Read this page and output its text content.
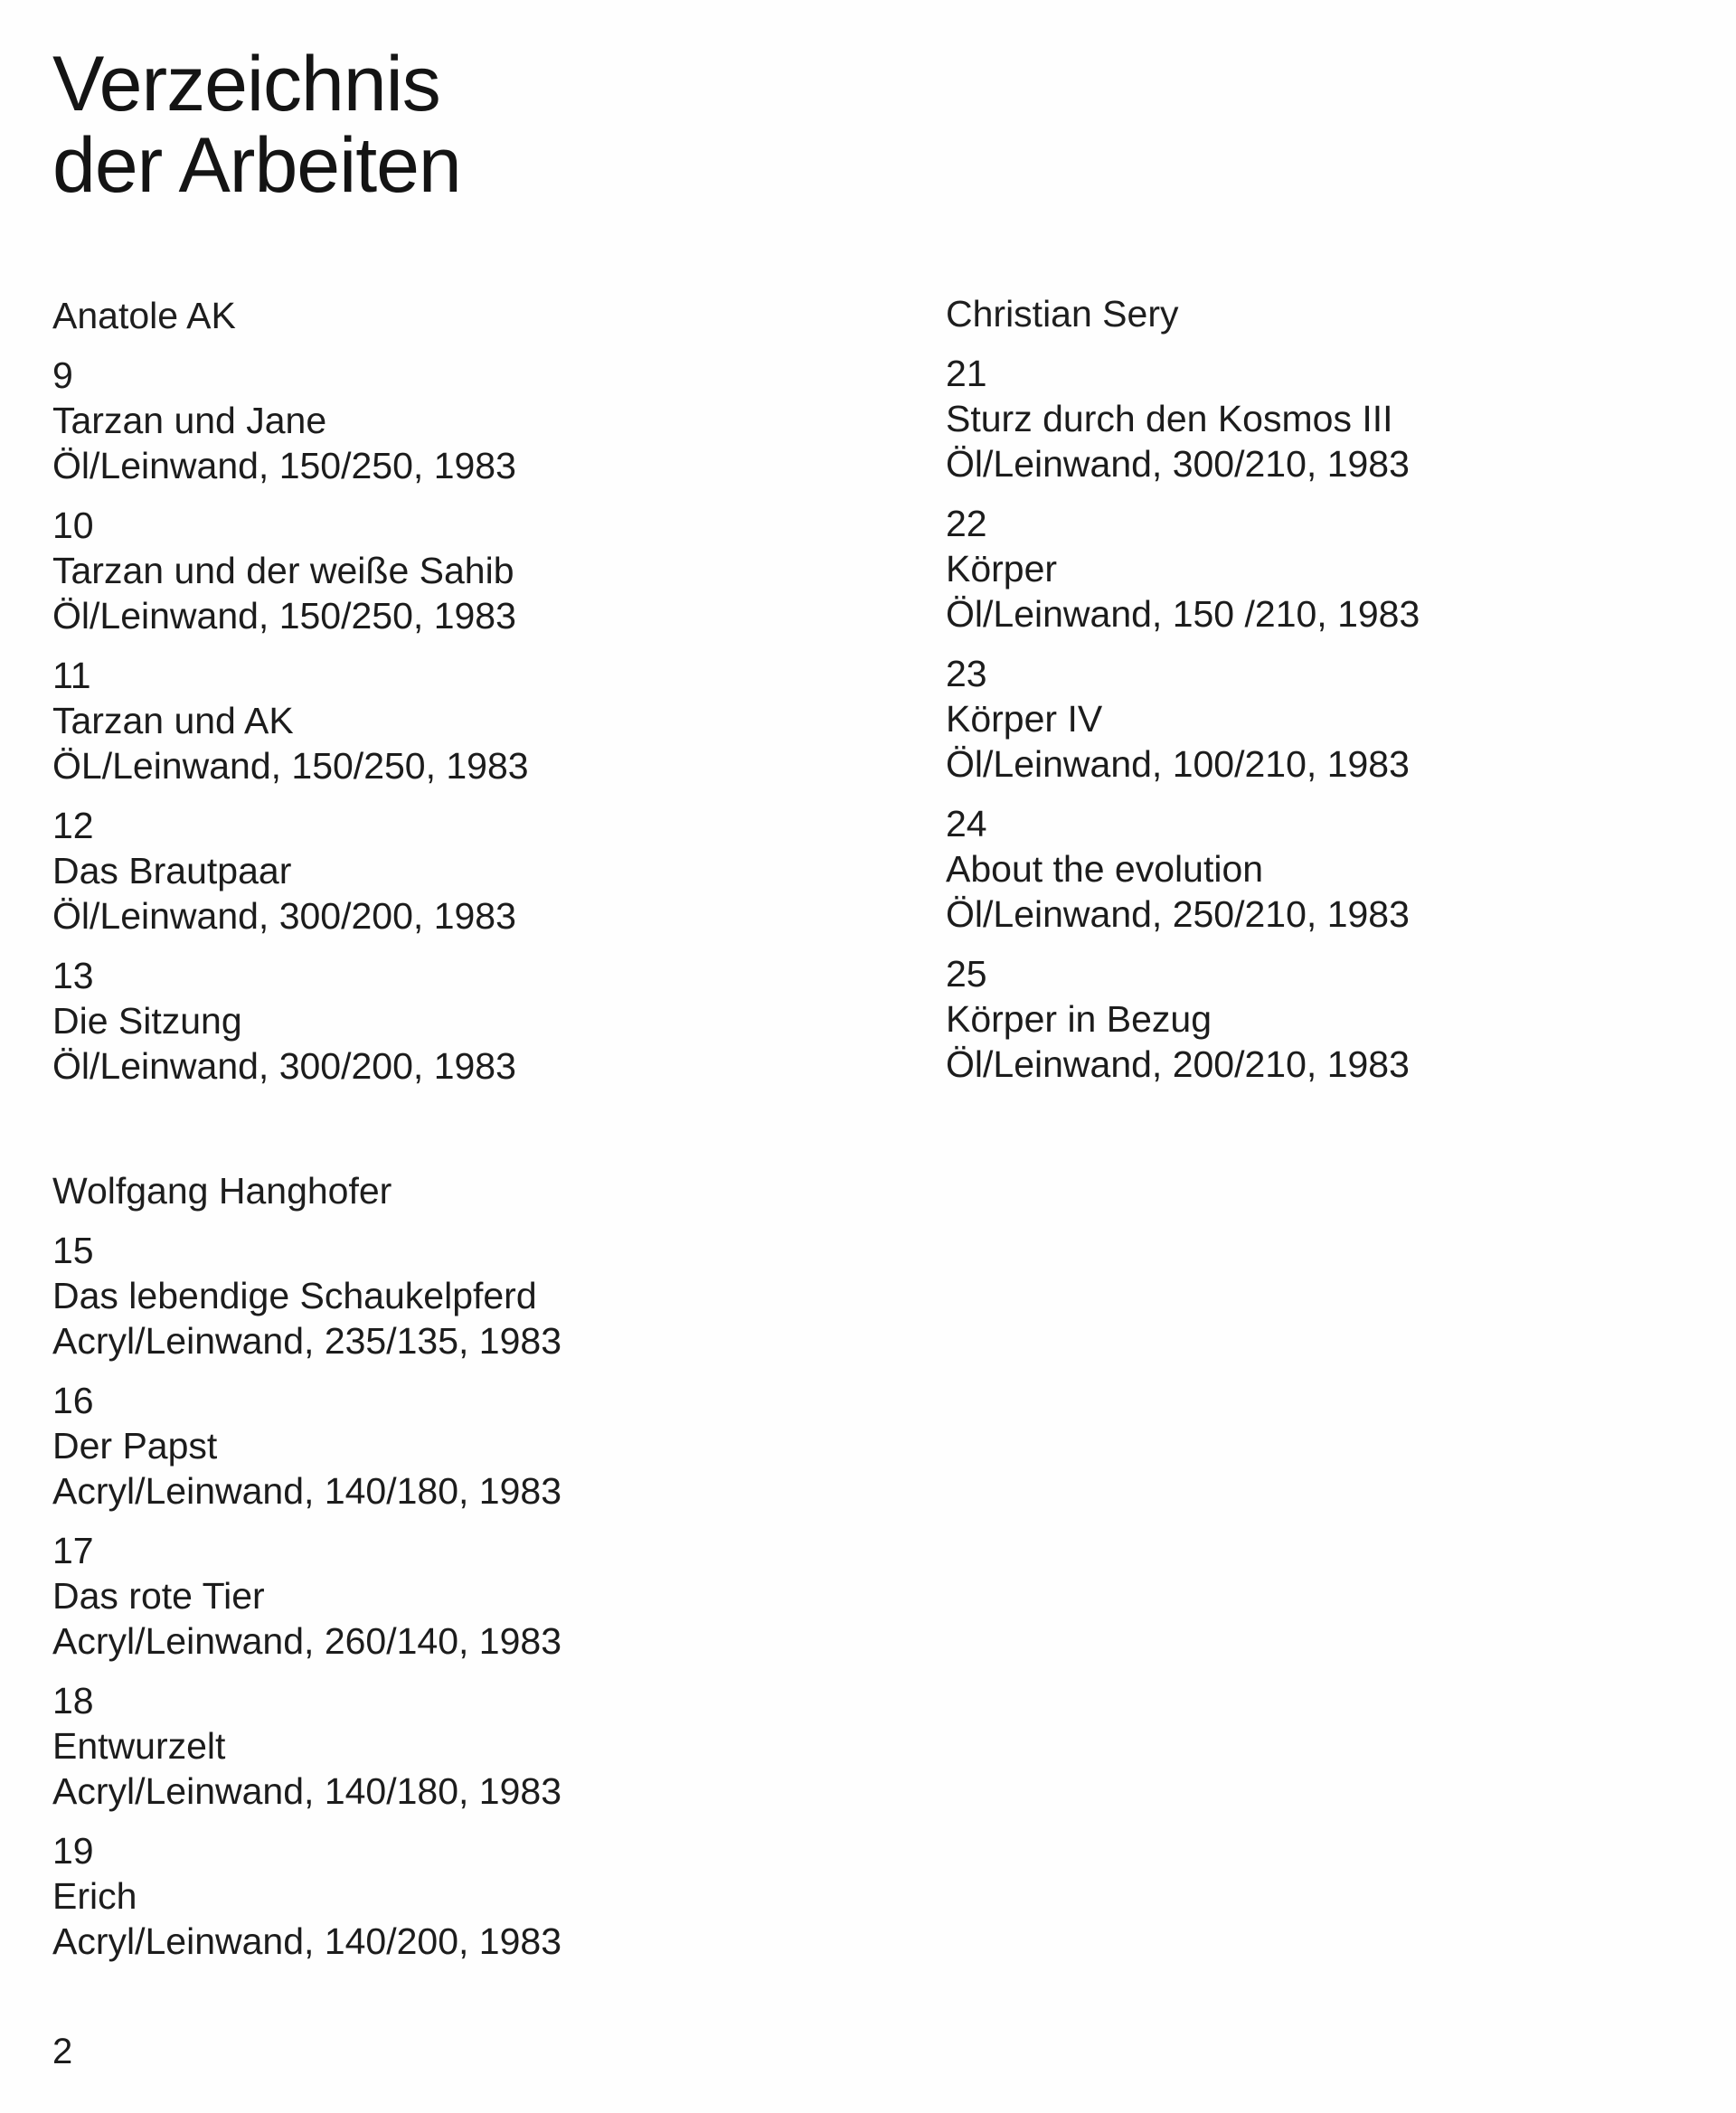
Verzeichnis
der Arbeiten
Anatole AK
9
Tarzan und Jane
Öl/Leinwand, 150/250, 1983
10
Tarzan und der weiße Sahib
Öl/Leinwand, 150/250, 1983
11
Tarzan und AK
ÖL/Leinwand, 150/250, 1983
12
Das Brautpaar
Öl/Leinwand, 300/200, 1983
13
Die Sitzung
Öl/Leinwand, 300/200, 1983
Wolfgang Hanghofer
15
Das lebendige Schaukelpferd
Acryl/Leinwand, 235/135, 1983
16
Der Papst
Acryl/Leinwand, 140/180, 1983
17
Das rote Tier
Acryl/Leinwand, 260/140, 1983
18
Entwurzelt
Acryl/Leinwand, 140/180, 1983
19
Erich
Acryl/Leinwand, 140/200, 1983
Christian Sery
21
Sturz durch den Kosmos III
Öl/Leinwand, 300/210, 1983
22
Körper
Öl/Leinwand, 150 /210, 1983
23
Körper IV
Öl/Leinwand, 100/210, 1983
24
About the evolution
Öl/Leinwand, 250/210, 1983
25
Körper in Bezug
Öl/Leinwand, 200/210, 1983
2
